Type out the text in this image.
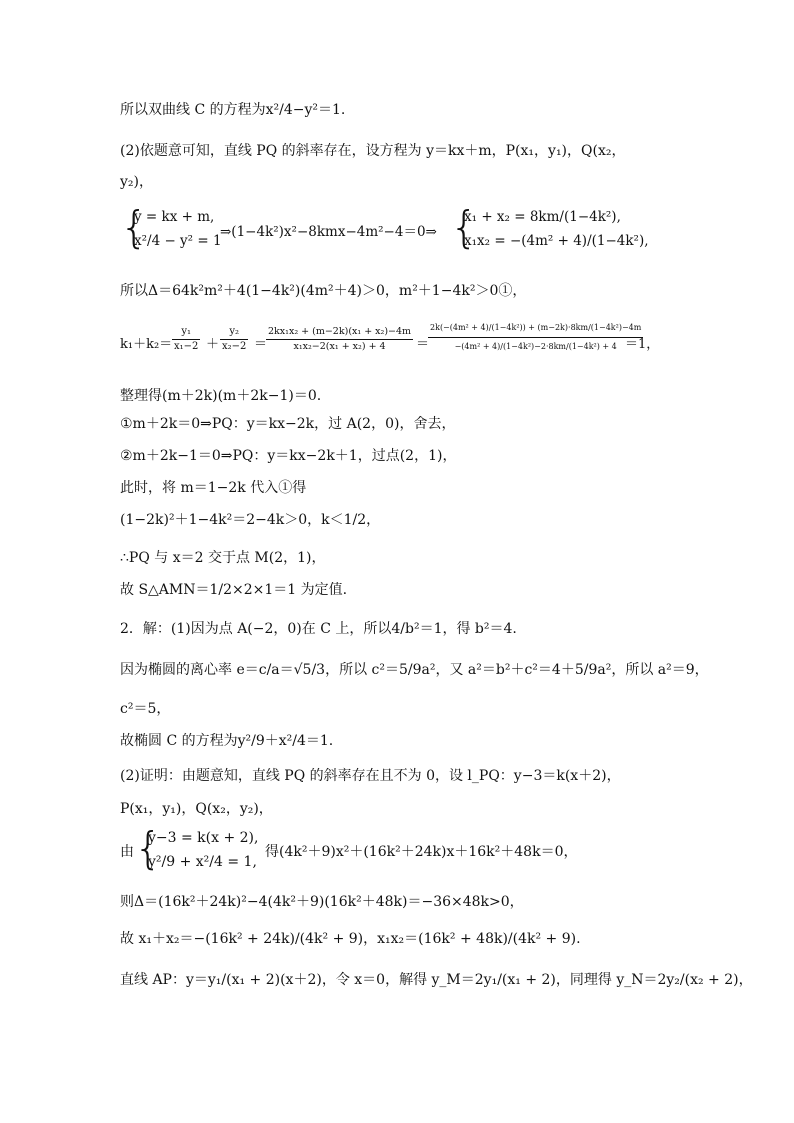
所以双曲线 C 的方程为x²/4−y²＝1.
(2)依题意可知，直线 PQ 的斜率存在，设方程为 y＝kx＋m，P(x₁，y₁)，Q(x₂，
y₂)，
{
y = kx + m,
x²/4 − y² = 1
⇒(1−4k²)x²−8kmx−4m²−4＝0⇒ {
x₁ + x₂ = 8km/(1−4k²),
x₁x₂ = −(4m² + 4)/(1−4k²),
所以Δ＝64k²m²＋4(1−4k²)(4m²＋4)＞0，m²＋1−4k²＞0①，
$k_1+k_2= \frac{\text{y₁}}{\text{x₁−2}} + \frac{\text{y₂}}{\text{x₂−2}}$ ＝
$\frac{\text{2kx₁x₂ + (m−2k)(x₁ + x₂)−4m}}{\text{x₁x₂−2(x₁ + x₂) + 4}}$ ＝
$\frac{\text{2k(−(4m² + 4)/(1−4k²)) + (m−2k)·8km/(1−4k²)−4m}}{\text{−(4m² + 4)/(1−4k²)−2·8km/(1−4k²) + 4}}$
＝1，
整理得(m＋2k)(m＋2k−1)＝0.
①m＋2k＝0⇒PQ：y＝kx−2k，过 A(2，0)，舍去，
②m＋2k−1＝0⇒PQ：y＝kx−2k＋1，过点(2，1)，
此时，将 m＝1−2k 代入①得
(1−2k)²＋1−4k²＝2−4k＞0，k＜1/2，
∴PQ 与 x＝2 交于点 M(2，1)，
故 S△AMN＝1/2×2×1＝1 为定值.
2．解：(1)因为点 A(−2，0)在 C 上，所以4/b²＝1，得 b²＝4.
因为椭圆的离心率 e＝c/a＝√5/3，所以 c²＝5/9a²，又 a²＝b²＋c²＝4＋5/9a²，所以 a²＝9，
c²＝5，
故椭圆 C 的方程为y²/9＋x²/4＝1.
(2)证明：由题意知，直线 PQ 的斜率存在且不为 0，设 l_PQ：y−3＝k(x＋2)，
P(x₁，y₁)，Q(x₂，y₂)，
由 {
y−3 = k(x + 2),
y²/9 + x²/4 = 1,
得(4k²＋9)x²＋(16k²＋24k)x＋16k²＋48k＝0，
则Δ＝(16k²＋24k)²−4(4k²＋9)(16k²＋48k)＝−36×48k>0，
故 x₁＋x₂＝−(16k² + 24k)/(4k² + 9)，x₁x₂＝(16k² + 48k)/(4k² + 9).
直线 AP：y＝y₁/(x₁ + 2)(x＋2)，令 x＝0，解得 y_M＝2y₁/(x₁ + 2)，同理得 y_N＝2y₂/(x₂ + 2)，
